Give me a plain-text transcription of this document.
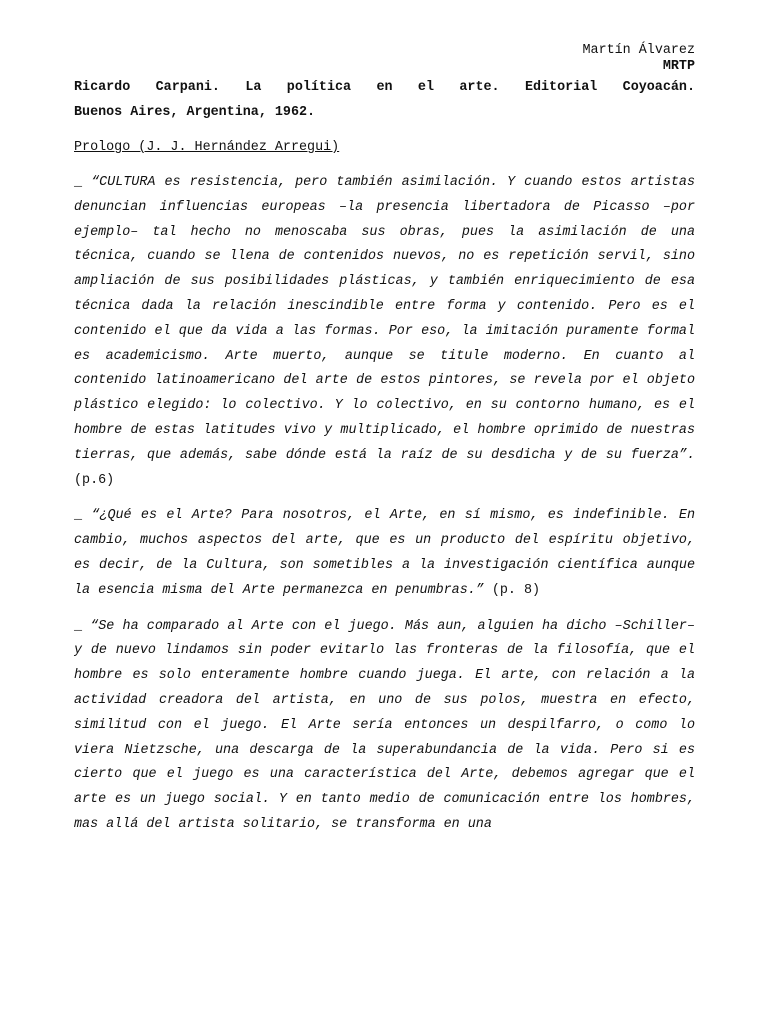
Martín Álvarez
MRTP
Ricardo Carpani. La política en el arte. Editorial Coyoacán.
Buenos Aires, Argentina, 1962.
Prologo (J. J. Hernández Arregui)

_ “CULTURA es resistencia, pero también asimilación. Y cuando estos artistas denuncian influencias europeas –la presencia libertadora de Picasso –por ejemplo– tal hecho no menoscaba sus obras, pues la asimilación de una técnica, cuando se llena de contenidos nuevos, no es repetición servil, sino ampliación de sus posibilidades plásticas, y también enriquecimiento de esa técnica dada la relación inescindible entre forma y contenido. Pero es el contenido el que da vida a las formas. Por eso, la imitación puramente formal es academicismo. Arte muerto, aunque se titule moderno. En cuanto al contenido latinoamericano del arte de estos pintores, se revela por el objeto plástico elegido: lo colectivo. Y lo colectivo, en su contorno humano, es el hombre de estas latitudes vivo y multiplicado, el hombre oprimido de nuestras tierras, que además, sabe dónde está la raíz de su desdicha y de su fuerza”. (p.6)

_ “¿Qué es el Arte? Para nosotros, el Arte, en sí mismo, es indefinible. En cambio, muchos aspectos del arte, que es un producto del espíritu objetivo, es decir, de la Cultura, son sometibles a la investigación científica aunque la esencia misma del Arte permanezca en penumbras.” (p. 8)

_ “Se ha comparado al Arte con el juego. Más aun, alguien ha dicho –Schiller– y de nuevo lindamos sin poder evitarlo las fronteras de la filosofía, que el hombre es solo enteramente hombre cuando juega. El arte, con relación a la actividad creadora del artista, en uno de sus polos, muestra en efecto, similitud con el juego. El Arte sería entonces un despilfarro, o como lo viera Nietzsche, una descarga de la superabundancia de la vida. Pero si es cierto que el juego es una característica del Arte, debemos agregar que el arte es un juego social. Y en tanto medio de comunicación entre los hombres, mas allá del artista solitario, se transforma en una
